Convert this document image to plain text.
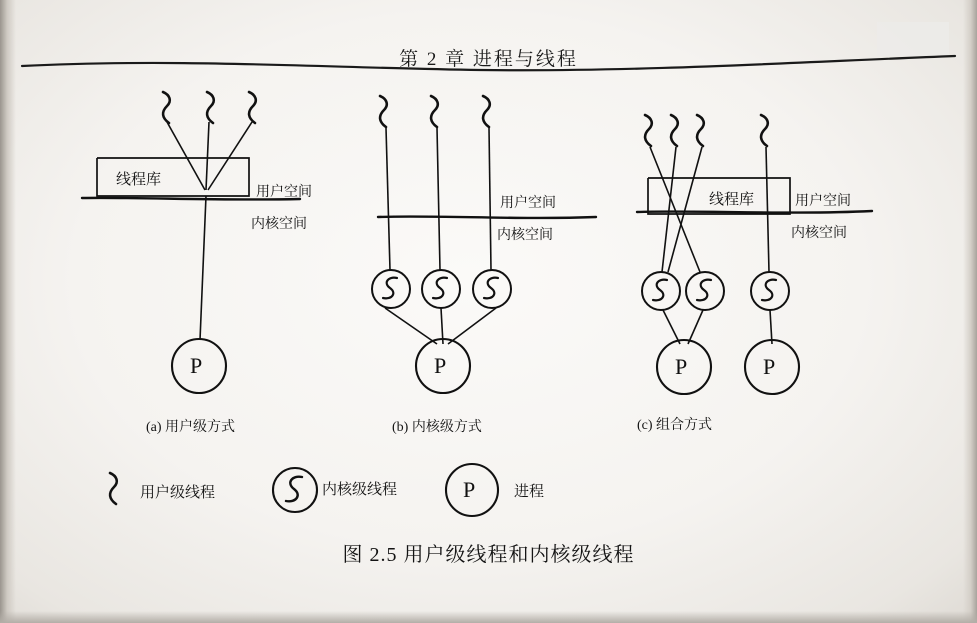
第 2 章 进程与线程
P	P	P	P
P
线程库
用户空间
内核空间
(a) 用户级方式
用户空间
内核空间
(b) 内核级方式
线程库	用户空间
内核空间
(c) 组合方式
用户级线程	内核级线程	进程
图 2.5 用户级线程和内核级线程
